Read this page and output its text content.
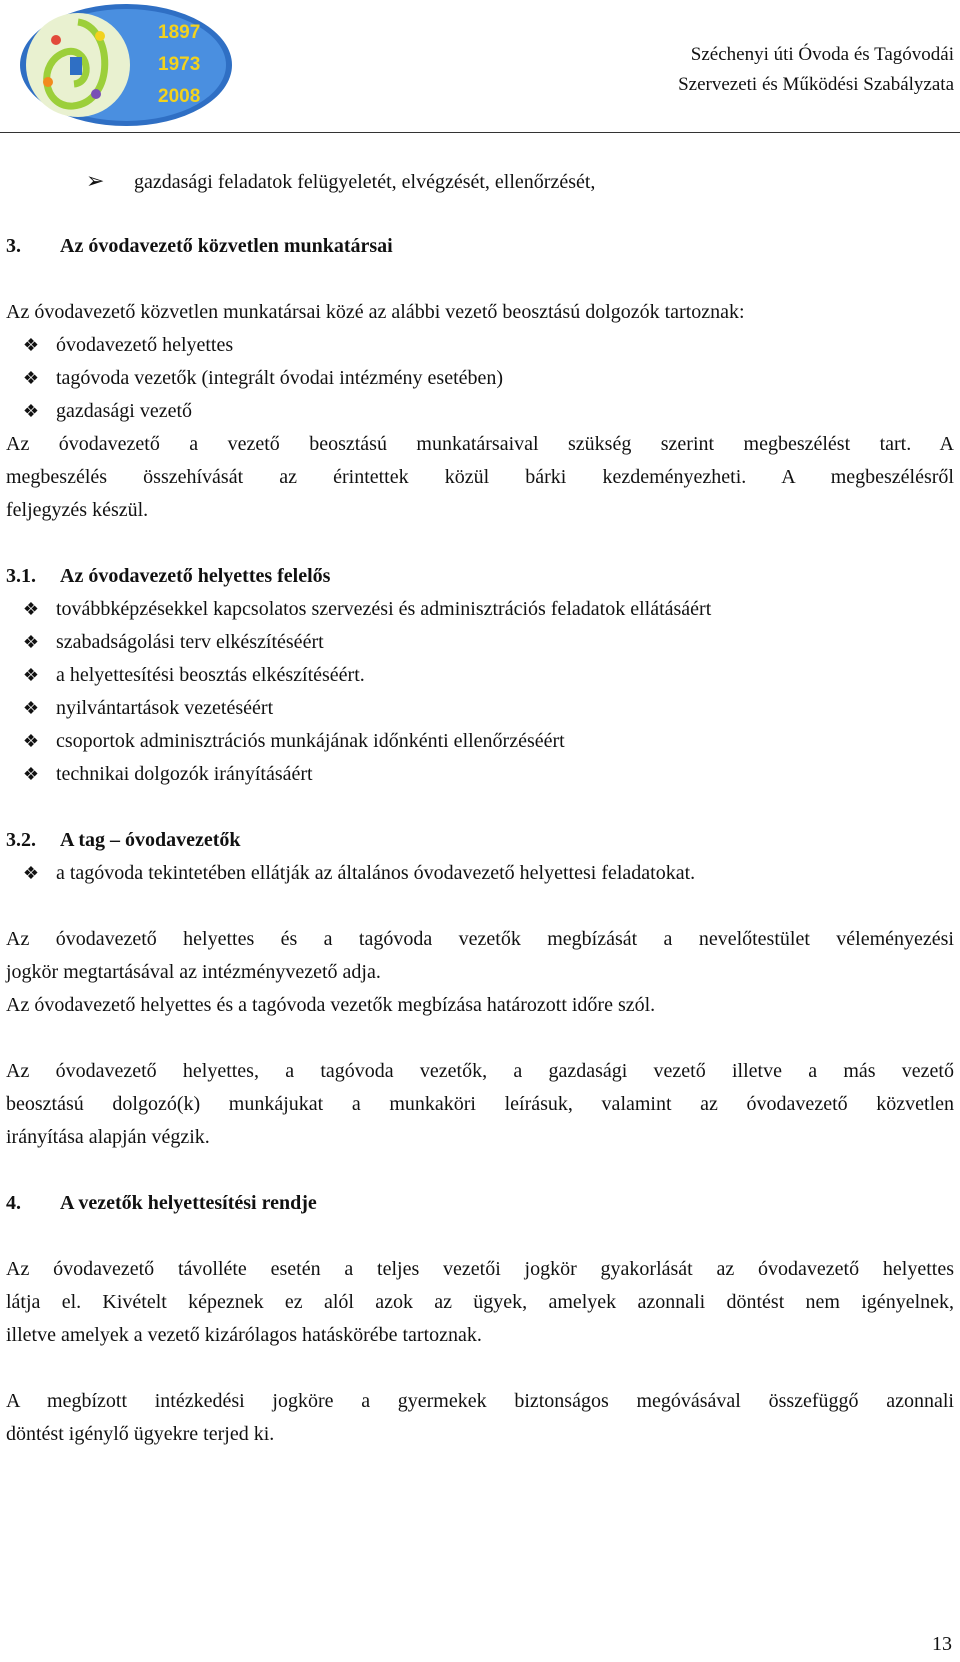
1897
1973
2008
Széchenyi úti Óvoda és Tagóvodái
Szervezeti és Működési Szabályzata
➢ gazdasági feladatok felügyeletét, elvégzését, ellenőrzését,
3. Az óvodavezető közvetlen munkatársai
Az óvodavezető közvetlen munkatársai közé az alábbi vezető beosztású dolgozók tartoznak:
❖ óvodavezető helyettes
❖ tagóvoda vezetők (integrált óvodai intézmény esetében)
❖ gazdasági vezető
Az óvodavezető a vezető beosztású munkatársaival szükség szerint megbeszélést tart. A
megbeszélés összehívását az érintettek közül bárki kezdeményezheti. A megbeszélésről
feljegyzés készül.
3.1. Az óvodavezető helyettes felelős
❖ továbbképzésekkel kapcsolatos szervezési és adminisztrációs feladatok ellátásáért
❖ szabadságolási terv elkészítéséért
❖ a helyettesítési beosztás elkészítéséért.
❖ nyilvántartások vezetéséért
❖ csoportok adminisztrációs munkájának időnkénti ellenőrzéséért
❖ technikai dolgozók irányításáért
3.2. A tag – óvodavezetők
❖ a tagóvoda tekintetében ellátják az általános óvodavezető helyettesi feladatokat.
Az óvodavezető helyettes és a tagóvoda vezetők megbízását a nevelőtestület véleményezési
jogkör megtartásával az intézményvezető adja.
Az óvodavezető helyettes és a tagóvoda vezetők megbízása határozott időre szól.
Az óvodavezető helyettes, a tagóvoda vezetők, a gazdasági vezető illetve a más vezető
beosztású dolgozó(k) munkájukat a munkaköri leírásuk, valamint az óvodavezető közvetlen
irányítása alapján végzik.
4. A vezetők helyettesítési rendje
Az óvodavezető távolléte esetén a teljes vezetői jogkör gyakorlását az óvodavezető helyettes
látja el. Kivételt képeznek ez alól azok az ügyek, amelyek azonnali döntést nem igényelnek,
illetve amelyek a vezető kizárólagos hatáskörébe tartoznak.
A megbízott intézkedési jogköre a gyermekek biztonságos megóvásával összefüggő azonnali
döntést igénylő ügyekre terjed ki.
13
